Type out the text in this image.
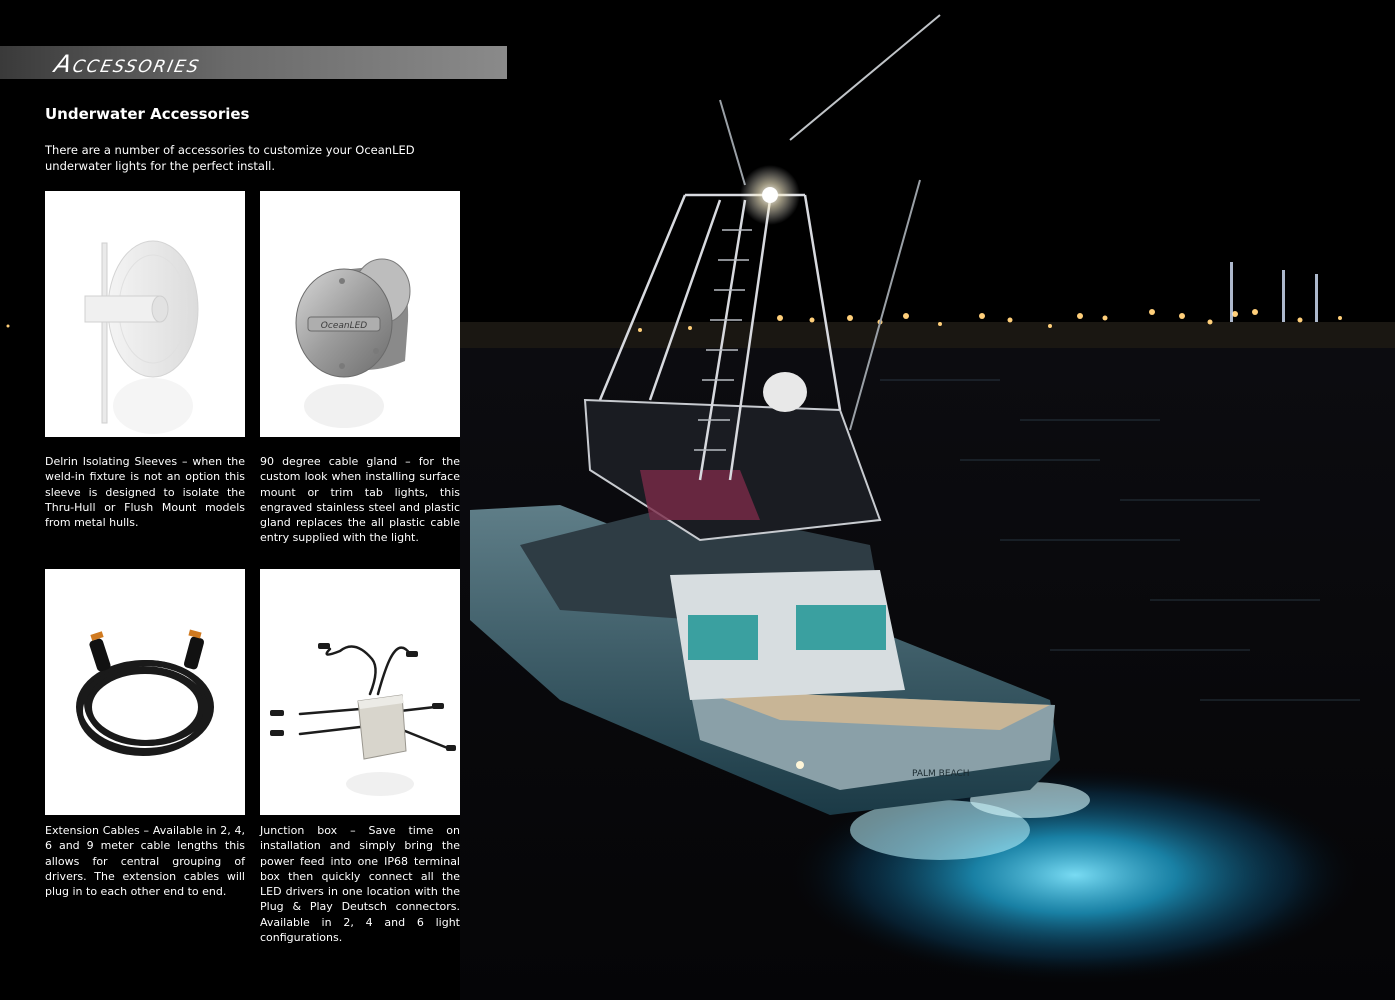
PALM BEACH
Accessories
Underwater Accessories

There are a number of accessories to customize your OceanLED underwater lights for the perfect install.

Delrin Isolating Sleeves – when the weld-in fixture is not an option this sleeve is designed to isolate the Thru-Hull or Flush Mount models from metal hulls.

OceanLED

90 degree cable gland – for the custom look when installing surface mount or trim tab lights, this engraved stainless steel and plastic gland replaces the all plastic cable entry supplied with the light.

Extension Cables – Available in 2, 4, 6 and 9 meter cable lengths this allows for central grouping of drivers. The extension cables will plug in to each other end to end.

Junction box – Save time on installation and simply bring the power feed into one IP68 terminal box then quickly connect all the LED drivers in one location with the Plug & Play Deutsch connectors. Available in 2, 4 and 6 light configurations.
